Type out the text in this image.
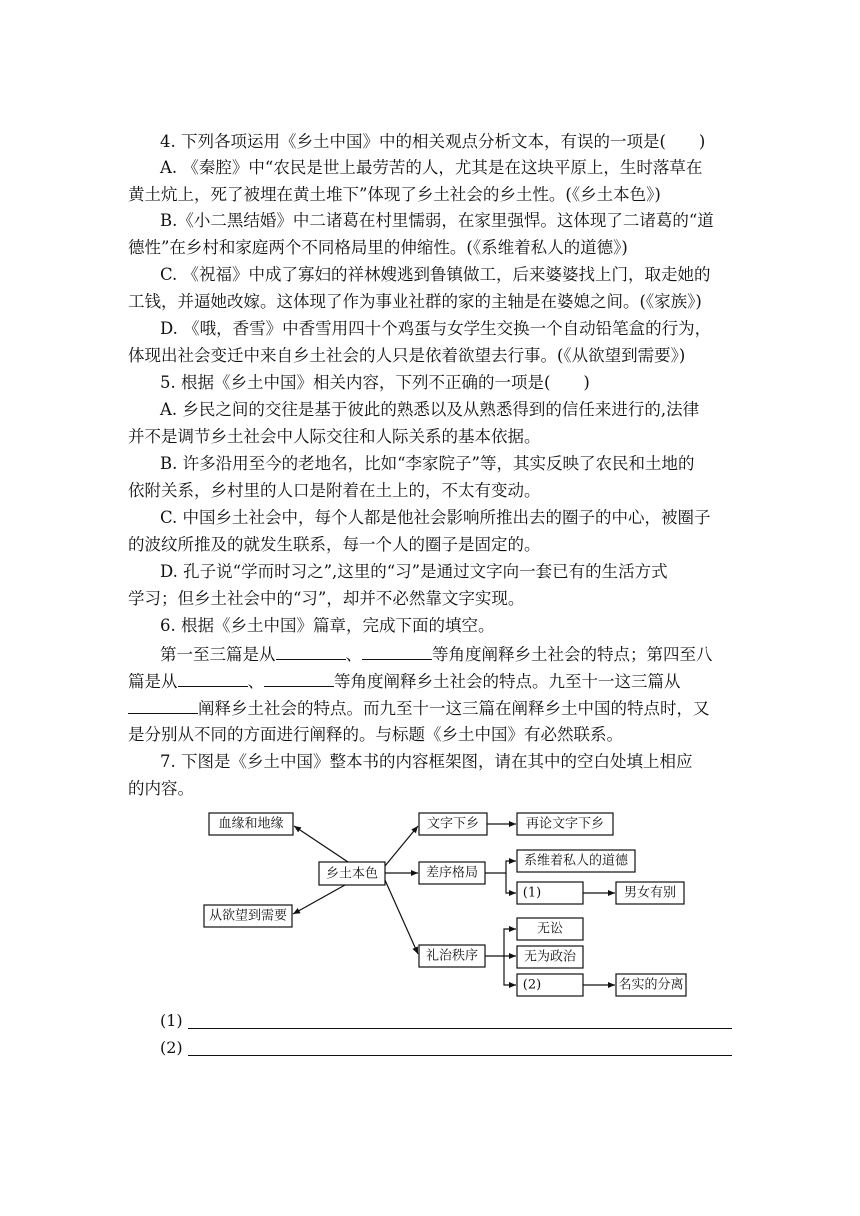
4. 下列各项运用《乡土中国》中的相关观点分析文本，有误的一项是(　　)
A. 《秦腔》中“农民是世上最劳苦的人，尤其是在这块平原上，生时落草在
黄土炕上，死了被埋在黄土堆下”体现了乡土社会的乡土性。(《乡土本色》)
B.《小二黑结婚》中二诸葛在村里懦弱，在家里强悍。这体现了二诸葛的“道
德性”在乡村和家庭两个不同格局里的伸缩性。(《系维着私人的道德》)
C. 《祝福》中成了寡妇的祥林嫂逃到鲁镇做工，后来婆婆找上门，取走她的
工钱，并逼她改嫁。这体现了作为事业社群的家的主轴是在婆媳之间。(《家族》)
D. 《哦，香雪》中香雪用四十个鸡蛋与女学生交换一个自动铅笔盒的行为，
体现出社会变迁中来自乡土社会的人只是依着欲望去行事。(《从欲望到需要》)
5. 根据《乡土中国》相关内容，下列不正确的一项是(　　)
A. 乡民之间的交往是基于彼此的熟悉以及从熟悉得到的信任来进行的,法律
并不是调节乡土社会中人际交往和人际关系的基本依据。
B. 许多沿用至今的老地名，比如“李家院子”等，其实反映了农民和土地的
依附关系，乡村里的人口是附着在土上的，不太有变动。
C. 中国乡土社会中，每个人都是他社会影响所推出去的圈子的中心，被圈子
的波纹所推及的就发生联系，每一个人的圈子是固定的。
D. 孔子说“学而时习之”,这里的“习”是通过文字向一套已有的生活方式
学习；但乡土社会中的“习”，却并不必然靠文字实现。
6. 根据《乡土中国》篇章，完成下面的填空。
第一至三篇是从	、	等角度阐释乡土社会的特点；第四至八
篇是从	、	等角度阐释乡土社会的特点。九至十一这三篇从
阐释乡土社会的特点。而九至十一这三篇在阐释乡土中国的特点时，又
是分别从不同的方面进行阐释的。与标题《乡土中国》有必然联系。
7. 下图是《乡土中国》整本书的内容框架图，请在其中的空白处填上相应
的内容。
血缘和地缘
从欲望到需要
乡土本色
文字下乡	再论文字下乡
差序格局
系维着私人的道德
(1)	男女有别
礼治秩序
无讼
无为政治
(2)	名实的分离
(1)
(2)
